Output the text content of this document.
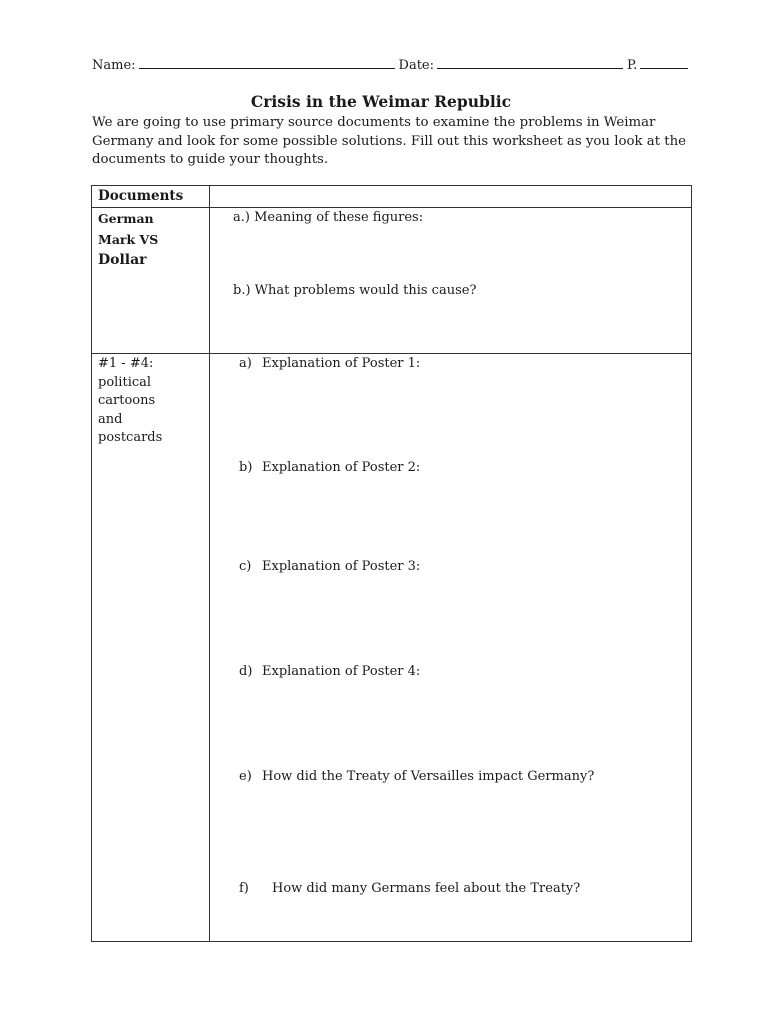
Name:	Date:	P.
Crisis in the Weimar Republic
We are going to use primary source documents to examine the problems in Weimar Germany and look for some possible solutions. Fill out this worksheet as you look at the documents to guide your thoughts.
Documents
German
Mark VS
Dollar
a.) Meaning of these figures:
b.) What problems would this cause?
#1 - #4:
political
cartoons
and
postcards
a) Explanation of Poster 1:
b) Explanation of Poster 2:
c) Explanation of Poster 3:
d) Explanation of Poster 4:
e) How did the Treaty of Versailles impact Germany?
f) How did many Germans feel about the Treaty?
